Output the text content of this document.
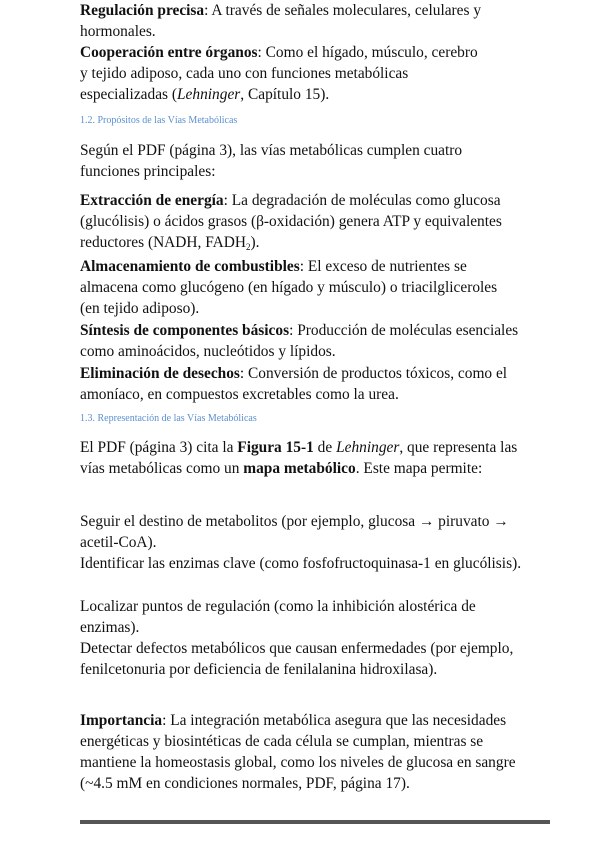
Regulación precisa: A través de señales moleculares, celulares y hormonales.

Cooperación entre órganos: Como el hígado, músculo, cerebro y tejido adiposo, cada uno con funciones metabólicas especializadas (Lehninger, Capítulo 15).

1.2. Propósitos de las Vías Metabólicas

Según el PDF (página 3), las vías metabólicas cumplen cuatro funciones principales:

Extracción de energía: La degradación de moléculas como glucosa (glucólisis) o ácidos grasos (β-oxidación) genera ATP y equivalentes reductores (NADH, $FADH_2$).

Almacenamiento de combustibles: El exceso de nutrientes se almacena como glucógeno (en hígado y músculo) o triacilgliceroles (en tejido adiposo).

Síntesis de componentes básicos: Producción de moléculas esenciales como aminoácidos, nucleótidos y lípidos.

Eliminación de desechos: Conversión de productos tóxicos, como el amoníaco, en compuestos excretables como la urea.

1.3. Representación de las Vías Metabólicas

El PDF (página 3) cita la Figura 15-1 de Lehninger, que representa las vías metabólicas como un mapa metabólico. Este mapa permite:

Seguir el destino de metabolitos (por ejemplo, glucosa → piruvato → acetil-CoA).

Identificar las enzimas clave (como fosfofructoquinasa-1 en glucólisis).

Localizar puntos de regulación (como la inhibición alostérica de enzimas).

Detectar defectos metabólicos que causan enfermedades (por ejemplo, fenilcetonuria por deficiencia de fenilalanina hidroxilasa).

Importancia: La integración metabólica asegura que las necesidades energéticas y biosintéticas de cada célula se cumplan, mientras se mantiene la homeostasis global, como los niveles de glucosa en sangre (~4.5 mM en condiciones normales, PDF, página 17).
